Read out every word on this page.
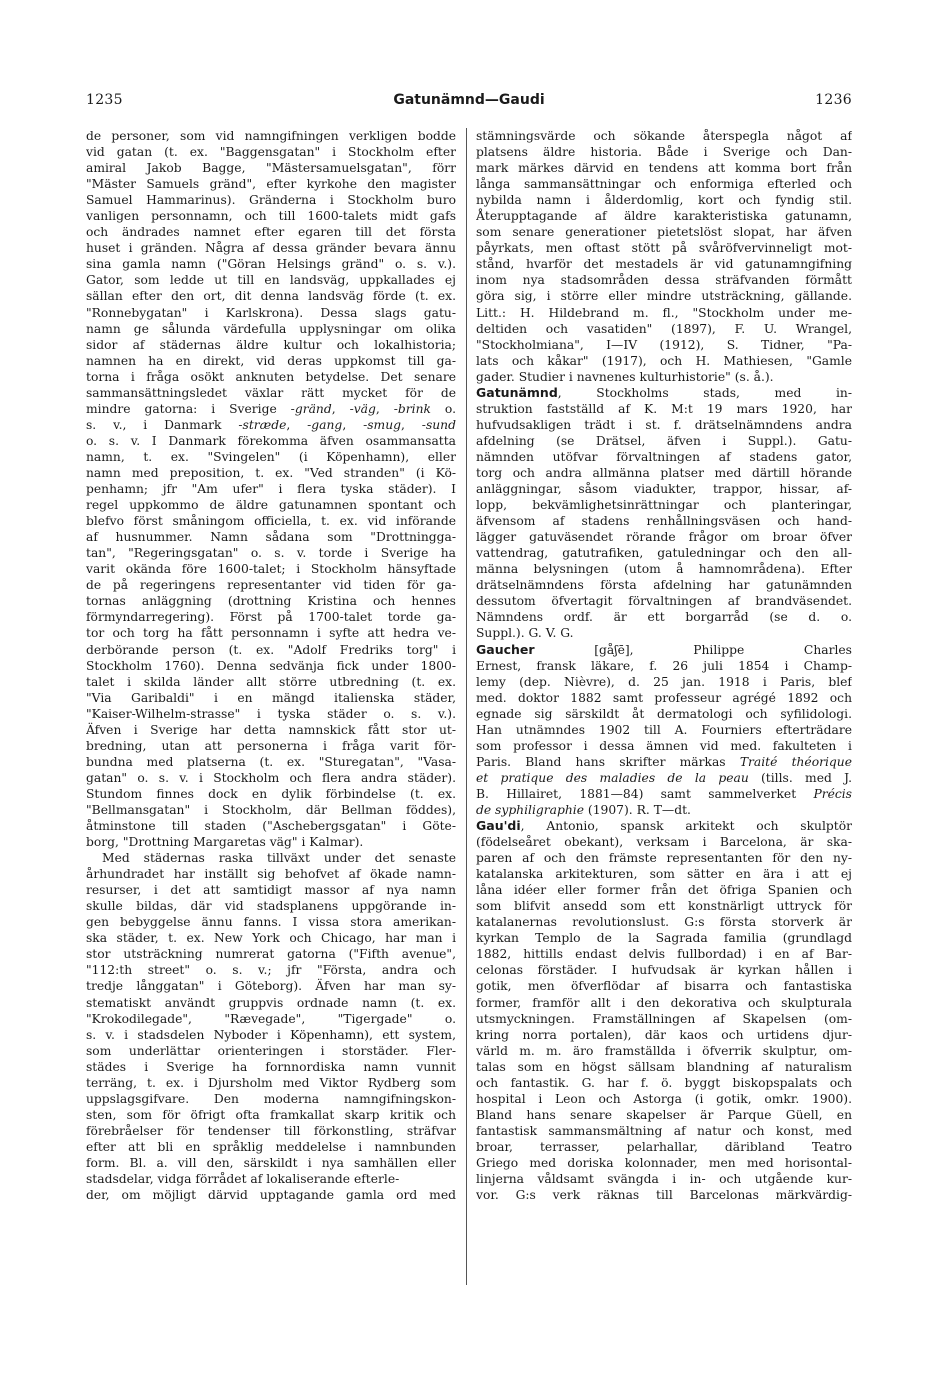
1235	Gatunämnd—Gaudi	1236
de personer, som vid namngifningen verkligen bodde
vid gatan (t. ex. "Baggensgatan" i Stockholm efter
amiral Jakob Bagge, "Mästersamuelsgatan", förr
"Mäster Samuels gränd", efter kyrkohe den magister
Samuel Hammarinus). Gränderna i Stockholm buro
vanligen personnamn, och till 1600-talets midt gafs
och ändrades namnet efter egaren till det första
huset i gränden. Några af dessa gränder bevara ännu
sina gamla namn ("Göran Helsings gränd" o. s. v.).
Gator, som ledde ut till en landsväg, uppkallades ej
sällan efter den ort, dit denna landsväg förde (t. ex.
"Ronnebygatan" i Karlskrona). Dessa slags gatu-
namn ge sålunda värdefulla upplysningar om olika
sidor af städernas äldre kultur och lokalhistoria;
namnen ha en direkt, vid deras uppkomst till ga-
torna i fråga osökt anknuten betydelse. Det senare
sammansättningsledet växlar rätt mycket för de
mindre gatorna: i Sverige -gränd, -väg, -brink o.
s. v., i Danmark -stræde, -gang, -smug, -sund
o. s. v. I Danmark förekomma äfven osammansatta
namn, t. ex. "Svingelen" (i Köpenhamn), eller
namn med preposition, t. ex. "Ved stranden" (i Kö-
penhamn; jfr "Am ufer" i flera tyska städer). I
regel uppkommo de äldre gatunamnen spontant och
blefvo först småningom officiella, t. ex. vid införande
af husnummer. Namn sådana som "Drottningga-
tan", "Regeringsgatan" o. s. v. torde i Sverige ha
varit okända före 1600-talet; i Stockholm hänsyftade
de på regeringens representanter vid tiden för ga-
tornas anläggning (drottning Kristina och hennes
förmyndarregering). Först på 1700-talet torde ga-
tor och torg ha fått personnamn i syfte att hedra ve-
derbörande person (t. ex. "Adolf Fredriks torg" i
Stockholm 1760). Denna sedvänja fick under 1800-
talet i skilda länder allt större utbredning (t. ex.
"Via Garibaldi" i en mängd italienska städer,
"Kaiser-Wilhelm-strasse" i tyska städer o. s. v.).
Äfven i Sverige har detta namnskick fått stor ut-
bredning, utan att personerna i fråga varit för-
bundna med platserna (t. ex. "Sturegatan", "Vasa-
gatan" o. s. v. i Stockholm och flera andra städer).
Stundom finnes dock en dylik förbindelse (t. ex.
"Bellmansgatan" i Stockholm, där Bellman föddes),
åtminstone till staden ("Aschebergsgatan" i Göte-
borg, "Drottning Margaretas väg" i Kalmar).
Med städernas raska tillväxt under det senaste
århundradet har inställt sig behofvet af ökade namn-
resurser, i det att samtidigt massor af nya namn
skulle bildas, där vid stadsplanens uppgörande in-
gen bebyggelse ännu fanns. I vissa stora amerikan-
ska städer, t. ex. New York och Chicago, har man i
stor utsträckning numrerat gatorna ("Fifth avenue",
"112:th street" o. s. v.; jfr "Första, andra och
tredje långgatan" i Göteborg). Äfven har man sy-
stematiskt användt gruppvis ordnade namn (t. ex.
"Krokodilegade", "Rævegade", "Tigergade" o.
s. v. i stadsdelen Nyboder i Köpenhamn), ett system,
som underlättar orienteringen i storstäder. Fler-
städes i Sverige ha fornnordiska namn vunnit
terräng, t. ex. i Djursholm med Viktor Rydberg som
uppslagsgifvare. Den moderna namngifningskon-
sten, som för öfrigt ofta framkallat skarp kritik och
förebråelser för tendenser till förkonstling, sträfvar
efter att bli en språklig meddelelse i namnbunden
form. Bl. a. vill den, särskildt i nya samhällen eller
stadsdelar, vidga förrådet af lokaliserande efterle-
der, om möjligt därvid upptagande gamla ord med
stämningsvärde och sökande återspegla något af
platsens äldre historia. Både i Sverige och Dan-
mark märkes därvid en tendens att komma bort från
långa sammansättningar och enformiga efterled och
nybilda namn i ålderdomlig, kort och fyndig stil.
Återupptagande af äldre karakteristiska gatunamn,
som senare generationer pietetslöst slopat, har äfven
påyrkats, men oftast stött på svåröfvervinneligt mot-
stånd, hvarför det mestadels är vid gatunamngifning
inom nya stadsområden dessa sträfvanden förmått
göra sig, i större eller mindre utsträckning, gällande.
Litt.: H. Hildebrand m. fl., "Stockholm under me-
deltiden och vasatiden" (1897), F. U. Wrangel,
"Stockholmiana", I—IV (1912), S. Tidner, "Pa-
lats och kåkar" (1917), och H. Mathiesen, "Gamle
gader. Studier i navnenes kulturhistorie" (s. å.).
Gatunämnd, Stockholms stads, med in-
struktion fastställd af K. M:t 19 mars 1920, har
hufvudsakligen trädt i st. f. drätselnämndens andra
afdelning (se Drätsel, äfven i Suppl.). Gatu-
nämnden utöfvar förvaltningen af stadens gator,
torg och andra allmänna platser med därtill hörande
anläggningar, såsom viadukter, trappor, hissar, af-
lopp, bekvämlighetsinrättningar och planteringar,
äfvensom af stadens renhållningsväsen och hand-
lägger gatuväsendet rörande frågor om broar öfver
vattendrag, gatutrafiken, gatuledningar och den all-
männa belysningen (utom å hamnområdena). Efter
drätselnämndens första afdelning har gatunämnden
dessutom öfvertagit förvaltningen af brandväsendet.
Nämndens ordf. är ett borgarråd (se d. o.
Suppl.). G. V. G.
Gaucher [gåʃē], Philippe Charles
Ernest, fransk läkare, f. 26 juli 1854 i Champ-
lemy (dep. Nièvre), d. 25 jan. 1918 i Paris, blef
med. doktor 1882 samt professeur agrégé 1892 och
egnade sig särskildt åt dermatologi och syfilidologi.
Han utnämndes 1902 till A. Fourniers efterträdare
som professor i dessa ämnen vid med. fakulteten i
Paris. Bland hans skrifter märkas Traité théorique
et pratique des maladies de la peau (tills. med J.
B. Hillairet, 1881—84) samt sammelverket Précis
de syphiligraphie (1907). R. T—dt.
Gau'di, Antonio, spansk arkitekt och skulptör
(födelseåret obekant), verksam i Barcelona, är ska-
paren af och den främste representanten för den ny-
katalanska arkitekturen, som sätter en ära i att ej
låna idéer eller former från det öfriga Spanien och
som blifvit ansedd som ett konstnärligt uttryck för
katalanernas revolutionslust. G:s första storverk är
kyrkan Templo de la Sagrada familia (grundlagd
1882, hittills endast delvis fullbordad) i en af Bar-
celonas förstäder. I hufvudsak är kyrkan hållen i
gotik, men öfverflödar af bisarra och fantastiska
former, framför allt i den dekorativa och skulpturala
utsmyckningen. Framställningen af Skapelsen (om-
kring norra portalen), där kaos och urtidens djur-
värld m. m. äro framställda i öfverrik skulptur, om-
talas som en högst sällsam blandning af naturalism
och fantastik. G. har f. ö. byggt biskopspalats och
hospital i Leon och Astorga (i gotik, omkr. 1900).
Bland hans senare skapelser är Parque Güell, en
fantastisk sammansmältning af natur och konst, med
broar, terrasser, pelarhallar, däribland Teatro
Griego med doriska kolonnader, men med horisontal-
linjerna våldsamt svängda i in- och utgående kur-
vor. G:s verk räknas till Barcelonas märkvärdig-
